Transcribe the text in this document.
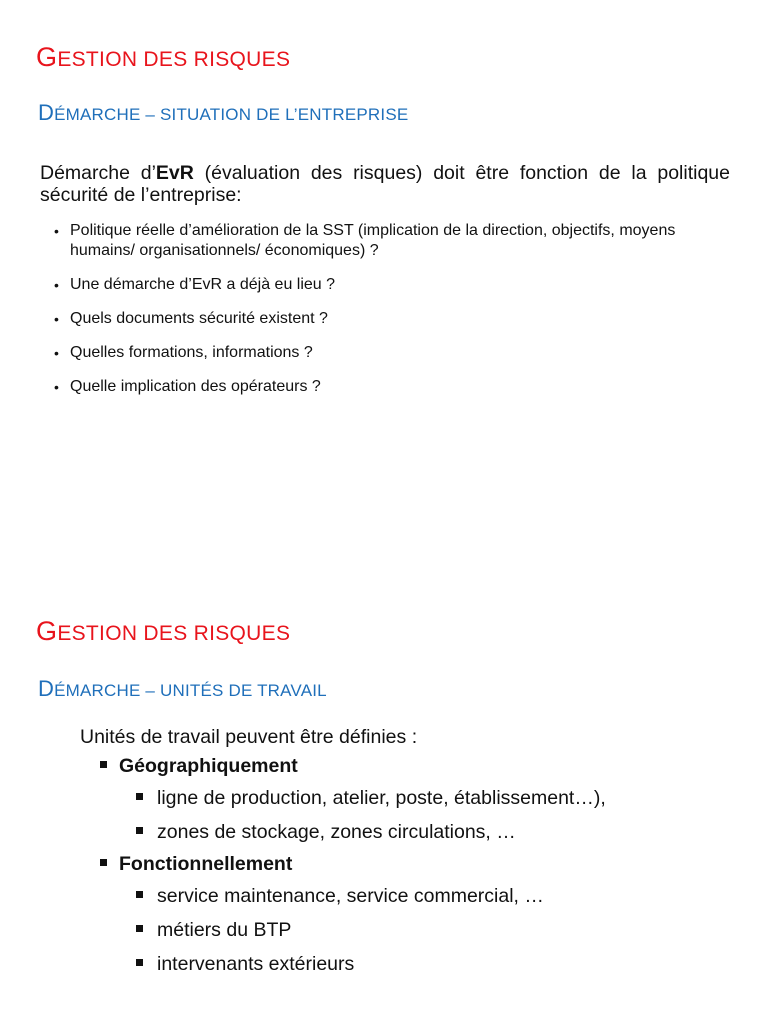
GESTION DES RISQUES
DÉMARCHE – SITUATION DE L’ENTREPRISE

Démarche d’EvR (évaluation des risques) doit être fonction de la politique sécurité de l’entreprise:

• Politique réelle d’amélioration de la SST (implication de la direction, objectifs, moyens humains/ organisationnels/ économiques) ?
• Une démarche d’EvR a déjà eu lieu ?
• Quels documents sécurité existent ?
• Quelles formations, informations ?
• Quelle implication des opérateurs ?
GESTION DES RISQUES
DÉMARCHE – UNITÉS DE TRAVAIL

Unités de travail peuvent être définies :

Géographiquement
ligne de production, atelier, poste, établissement…),
zones de stockage, zones circulations, …
Fonctionnellement
service maintenance, service commercial, …
métiers du BTP
intervenants extérieurs
